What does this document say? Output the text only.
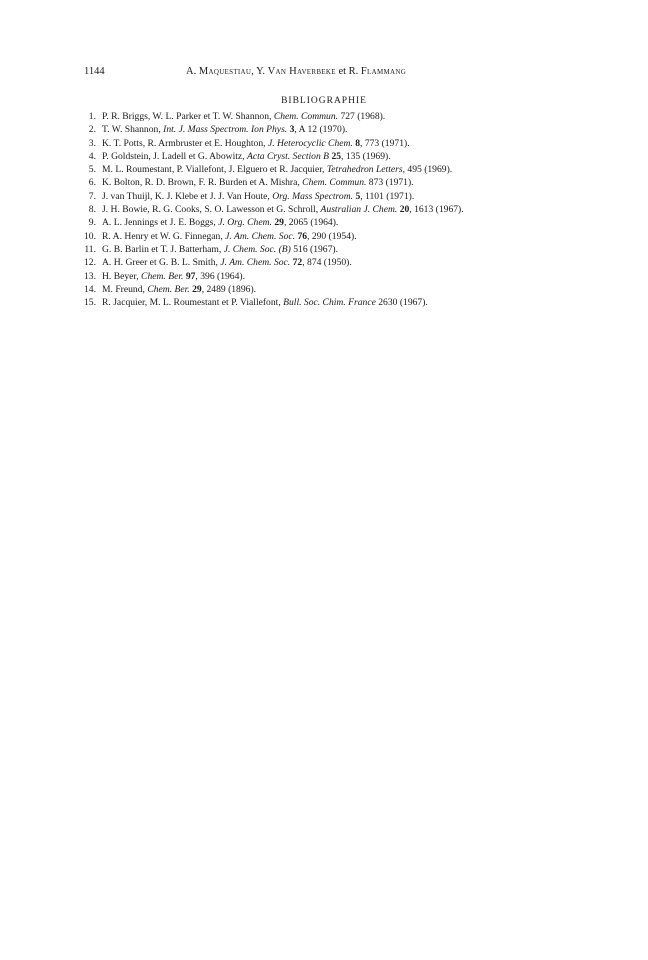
1144	A. Maquestiau, Y. Van Haverbeke et R. Flammang
BIBLIOGRAPHIE
1. P. R. Briggs, W. L. Parker et T. W. Shannon, Chem. Commun. 727 (1968).
2. T. W. Shannon, Int. J. Mass Spectrom. Ion Phys. 3, A 12 (1970).
3. K. T. Potts, R. Armbruster et E. Houghton, J. Heterocyclic Chem. 8, 773 (1971).
4. P. Goldstein, J. Ladell et G. Abowitz, Acta Cryst. Section B 25, 135 (1969).
5. M. L. Roumestant, P. Viallefont, J. Elguero et R. Jacquier, Tetrahedron Letters, 495 (1969).
6. K. Bolton, R. D. Brown, F. R. Burden et A. Mishra, Chem. Commun. 873 (1971).
7. J. van Thuijl, K. J. Klebe et J. J. Van Houte, Org. Mass Spectrom. 5, 1101 (1971).
8. J. H. Bowie, R. G. Cooks, S. O. Lawesson et G. Schroll, Australian J. Chem. 20, 1613 (1967).
9. A. L. Jennings et J. E. Boggs, J. Org. Chem. 29, 2065 (1964).
10. R. A. Henry et W. G. Finnegan, J. Am. Chem. Soc. 76, 290 (1954).
11. G. B. Barlin et T. J. Batterham, J. Chem. Soc. (B) 516 (1967).
12. A. H. Greer et G. B. L. Smith, J. Am. Chem. Soc. 72, 874 (1950).
13. H. Beyer, Chem. Ber. 97, 396 (1964).
14. M. Freund, Chem. Ber. 29, 2489 (1896).
15. R. Jacquier, M. L. Roumestant et P. Viallefont, Bull. Soc. Chim. France 2630 (1967).
